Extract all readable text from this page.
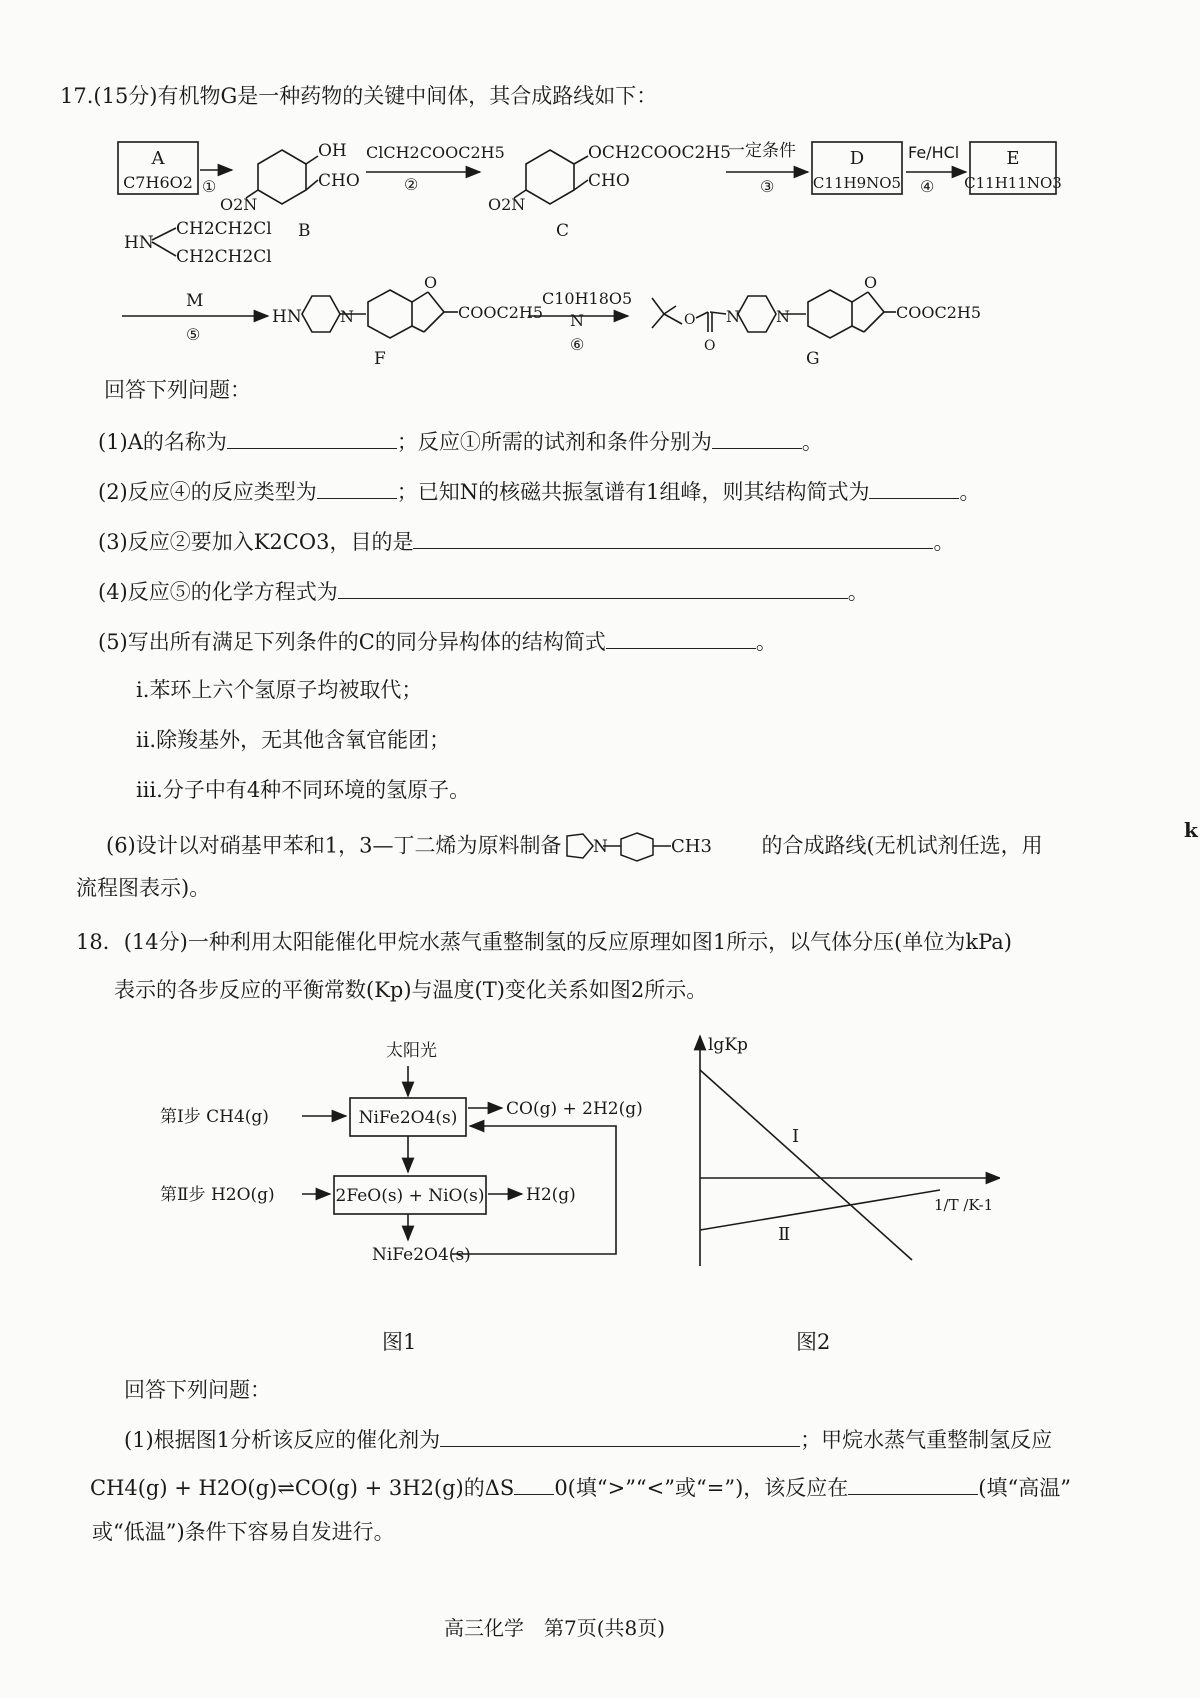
17.(15分)有机物G是一种药物的关键中间体，其合成路线如下：
A
C7H6O2 ①
O2N
OH
CHO
B
ClCH2COOC2H5
②
O2N
OCH2COOC2H5
CHO
C
一定条件
③
D
C11H9NO5
Fe/HCl
④
E
C11H11NO3
CH2CH2Cl
HN
CH2CH2Cl
M
⑤
HN N
O
COOC2H5
F
C10H18O5
N
⑥
O
O
N N
O
COOC2H5
G
回答下列问题：
(1)A的名称为	；反应①所需的试剂和条件分别为	。
(2)反应④的反应类型为	；已知N的核磁共振氢谱有1组峰，则其结构简式为	。
(3)反应②要加入K2CO3，目的是	。
(4)反应⑤的化学方程式为	。
(5)写出所有满足下列条件的C的同分异构体的结构简式	。
ⅰ.苯环上六个氢原子均被取代；
ⅱ.除羧基外，无其他含氧官能团；
ⅲ.分子中有4种不同环境的氢原子。
(6)设计以对硝基甲苯和1，3—丁二烯为原料制备 N	CH3 的合成路线(无机试剂任选，用
流程图表示)。
18．(14分)一种利用太阳能催化甲烷水蒸气重整制氢的反应原理如图1所示，以气体分压(单位为kPa)
表示的各步反应的平衡常数(Kp)与温度(T)变化关系如图2所示。
太阳光
第Ⅰ步 CH4(g)	NiFe2O4(s)	CO(g) + 2H2(g)
第Ⅱ步 H2O(g)	2FeO(s) + NiO(s) H2(g)
NiFe2O4(s)
图1
lgKp
1/T /K-1
Ⅰ
Ⅱ
图2
回答下列问题：
(1)根据图1分析该反应的催化剂为	；甲烷水蒸气重整制氢反应
CH4(g) + H2O(g)⇌CO(g) + 3H2(g)的ΔS 0(填“>”“<”或“=”)，该反应在	(填“高温”
或“低温”)条件下容易自发进行。
高三化学　第7页(共8页)
k
